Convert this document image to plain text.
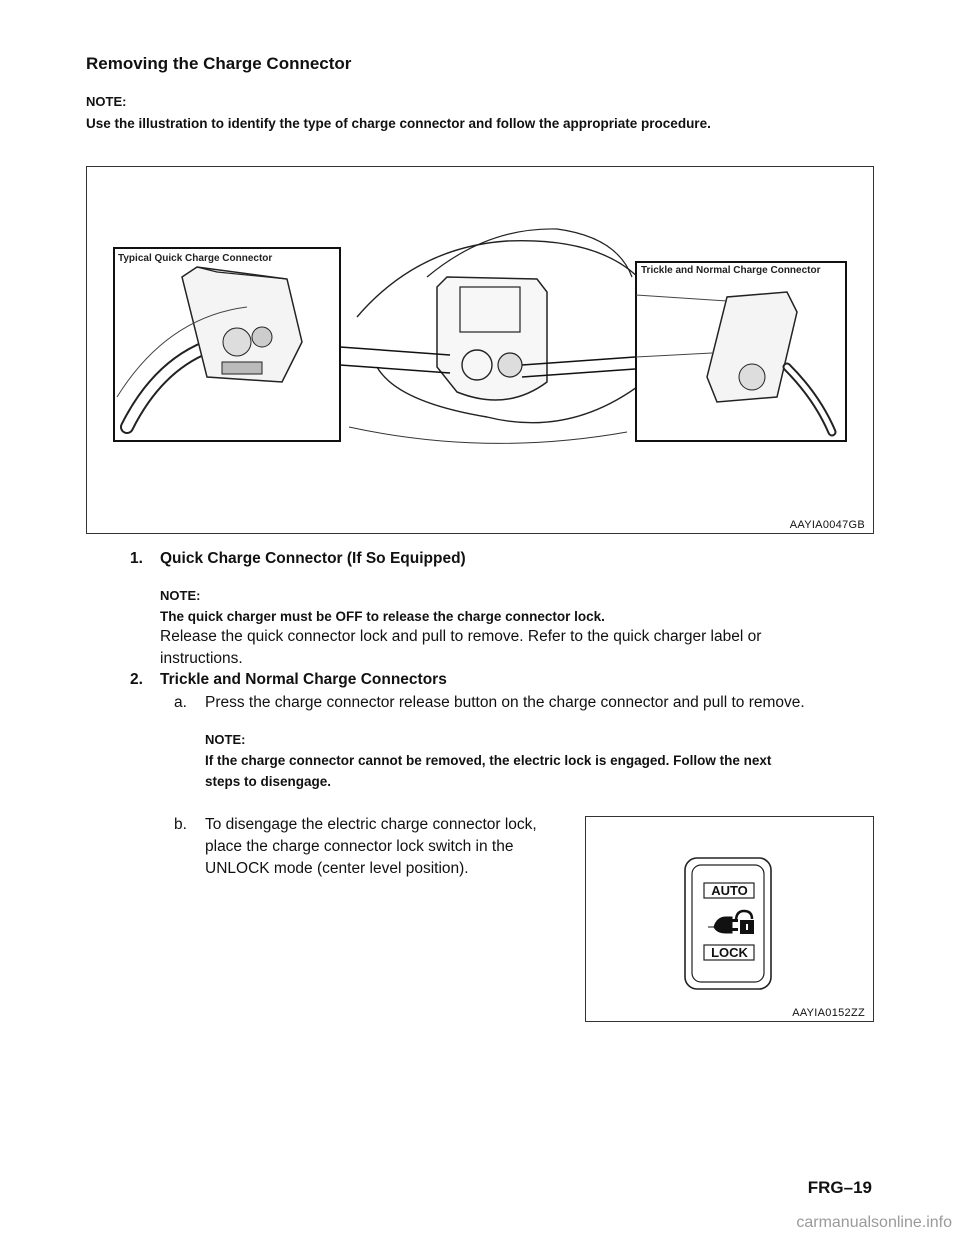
Removing the Charge Connector
NOTE:
Use the illustration to identify the type of charge connector and follow the appropriate procedure.
Typical Quick Charge Connector
Trickle and Normal Charge Connector
AAYIA0047GB
1. Quick Charge Connector (If So Equipped)
NOTE:
The quick charger must be OFF to release the charge connector lock.
Release the quick connector lock and pull to remove. Refer to the quick charger label or
instructions.
2. Trickle and Normal Charge Connectors
a. Press the charge connector release button on the charge connector and pull to remove.
NOTE:
If the charge connector cannot be removed, the electric lock is engaged. Follow the next
steps to disengage.
b. To disengage the electric charge connector lock,
place the charge connector lock switch in the
UNLOCK mode (center level position).
AUTO
LOCK
AAYIA0152ZZ
FRG–19
carmanualsonline.info
